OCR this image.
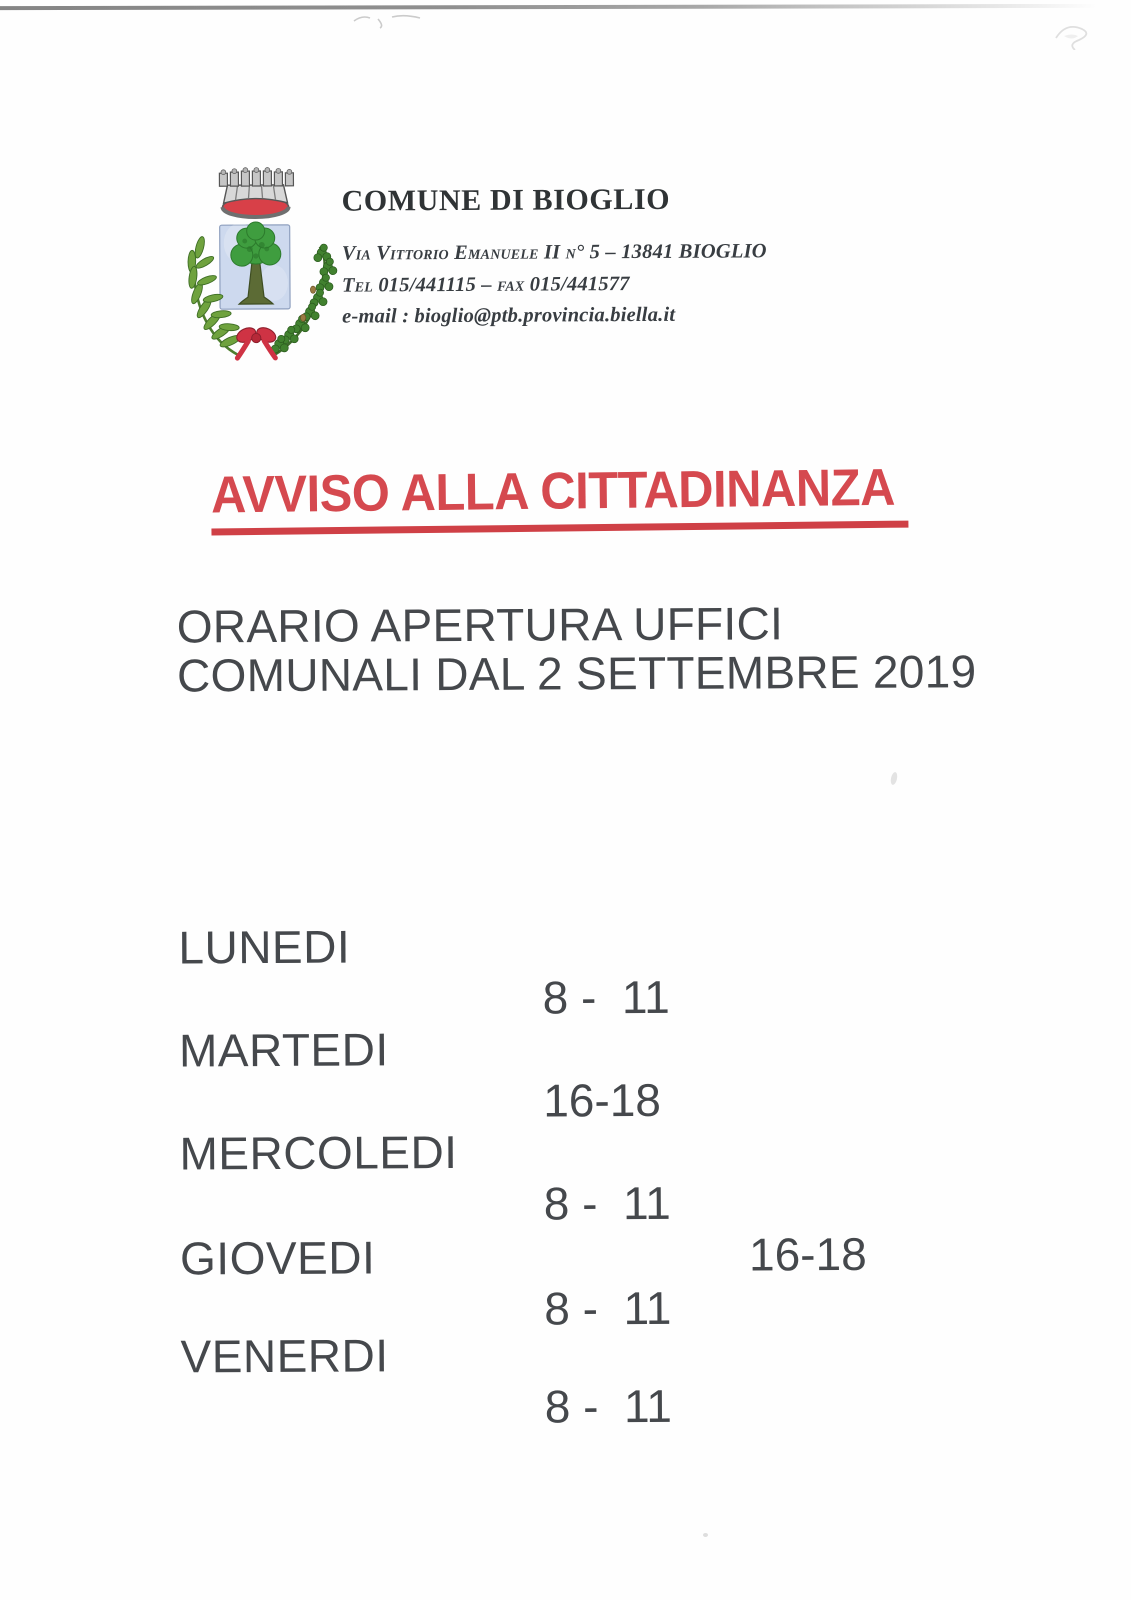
COMUNE DI BIOGLIO

Via Vittorio Emanuele II n° 5 – 13841 BIOGLIO

Tel 015/441115 – fax 015/441577

e-mail : bioglio@ptb.provincia.biella.it

AVVISO ALLA CITTADINANZA
ORARIO APERTURA UFFICI
COMUNALI DAL 2 SETTEMBRE 2019

LUNEDI

8 -  11

MARTEDI

16-18

MERCOLEDI

8 -  11

16-18

GIOVEDI

8 -  11

VENERDI

8 -  11
